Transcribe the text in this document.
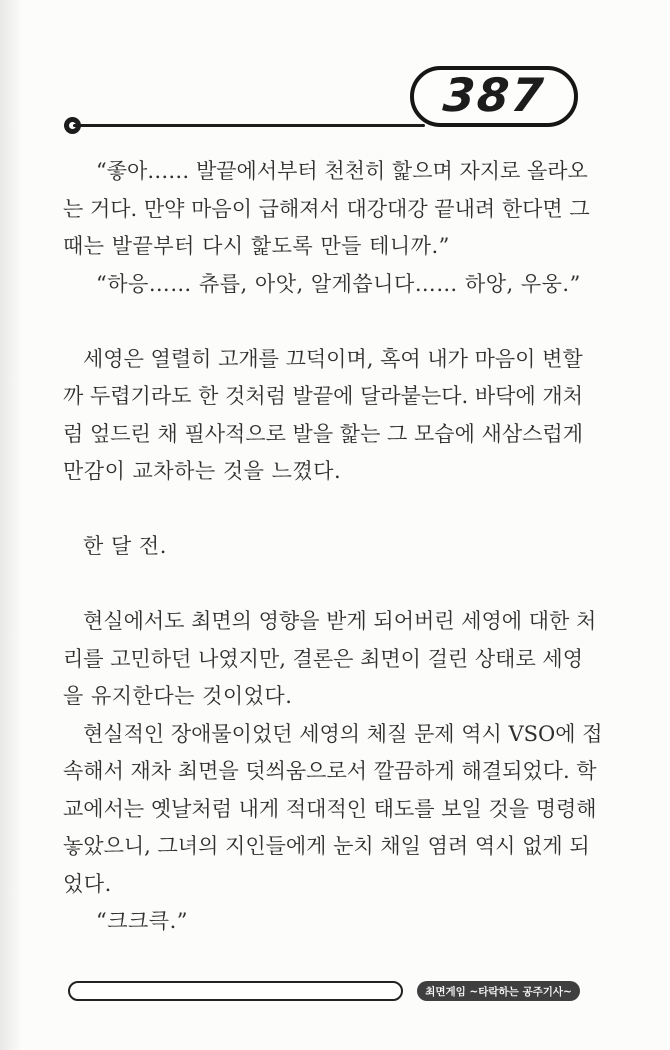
387

“좋아…… 발끝에서부터 천천히 핥으며 자지로 올라오
는 거다. 만약 마음이 급해져서 대강대강 끝내려 한다면 그
때는 발끝부터 다시 핥도록 만들 테니까.”

“하응…… 츄릅, 아앗, 알게씁니다…… 하앙, 우웅.”

세영은 열렬히 고개를 끄덕이며, 혹여 내가 마음이 변할
까 두렵기라도 한 것처럼 발끝에 달라붙는다. 바닥에 개처
럼 엎드린 채 필사적으로 발을 핥는 그 모습에 새삼스럽게
만감이 교차하는 것을 느꼈다.

한 달 전.

현실에서도 최면의 영향을 받게 되어버린 세영에 대한 처
리를 고민하던 나였지만, 결론은 최면이 걸린 상태로 세영
을 유지한다는 것이었다.

현실적인 장애물이었던 세영의 체질 문제 역시 VSO에 접
속해서 재차 최면을 덧씌움으로서 깔끔하게 해결되었다. 학
교에서는 옛날처럼 내게 적대적인 태도를 보일 것을 명령해
놓았으니, 그녀의 지인들에게 눈치 채일 염려 역시 없게 되
었다.

“크크큭.”

최면게임 ~타락하는 공주기사~
